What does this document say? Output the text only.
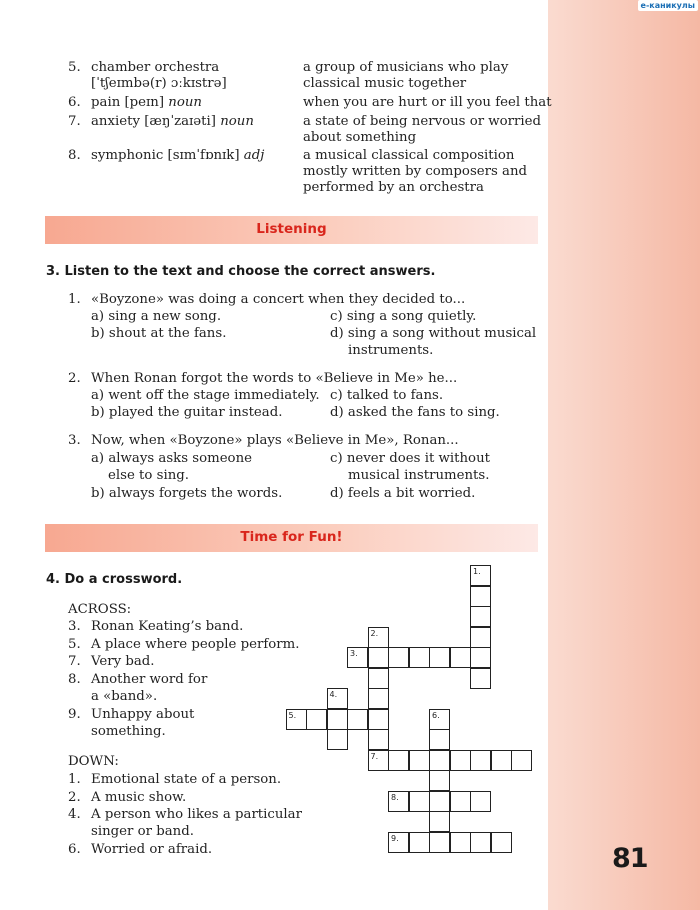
e-каникулы
81
5. chamber orchestra
[ˈtʃeɪmbə(r) ɔːkɪstrə]
a group of musicians who play
classical music together
6. pain [peɪn] noun	when you are hurt or ill you feel that
7. anxiety [æŋˈzaɪəti] noun	a state of being nervous or worried
about something
8. symphonic [sɪmˈfɒnɪk] adj	a musical classical composition
mostly written by composers and
performed by an orchestra
Listening
3. Listen to the text and choose the correct answers.
1. «Boyzone» was doing a concert when they decided to...
a) sing a new song.
b) shout at the fans.
c) sing a song quietly.
d) sing a song without musical
instruments.
2. When Ronan forgot the words to «Believe in Me» he...
a) went off the stage immediately.
b) played the guitar instead.
c) talked to fans.
d) asked the fans to sing.
3. Now, when «Boyzone» plays «Believe in Me», Ronan...
a) always asks someone
else to sing.
b) always forgets the words.
c) never does it without
musical instruments.
d) feels a bit worried.
Time for Fun!
4. Do a crossword.
ACROSS:
3. Ronan Keating’s band.
5. A place where people perform.
7. Very bad.
8. Another word for
a «band».
9. Unhappy about
something.
DOWN:
1. Emotional state of a person.
2. A music show.
4. A person who likes a particular
singer or band.
6. Worried or afraid.
1.
2.
3.
4.
5.	6.
7.
8.
9.
